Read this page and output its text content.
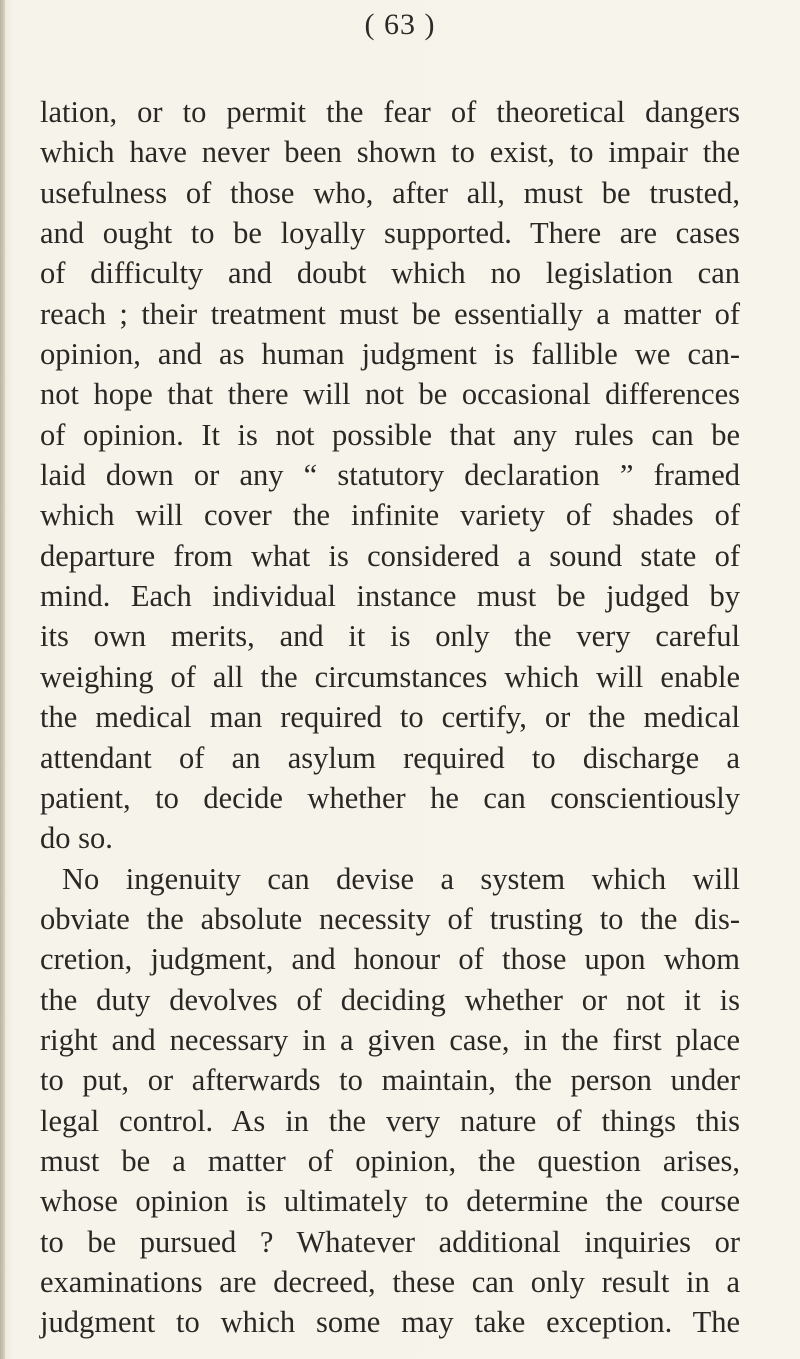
( 63 )
lation, or to permit the fear of theoretical dangers
which have never been shown to exist, to impair the
usefulness of those who, after all, must be trusted,
and ought to be loyally supported. There are cases
of difficulty and doubt which no legislation can
reach ; their treatment must be essentially a matter of
opinion, and as human judgment is fallible we can-
not hope that there will not be occasional differences
of opinion. It is not possible that any rules can be
laid down or any “ statutory declaration ” framed
which will cover the infinite variety of shades of
departure from what is considered a sound state of
mind. Each individual instance must be judged by
its own merits, and it is only the very careful
weighing of all the circumstances which will enable
the medical man required to certify, or the medical
attendant of an asylum required to discharge a
patient, to decide whether he can conscientiously
do so.
No ingenuity can devise a system which will
obviate the absolute necessity of trusting to the dis-
cretion, judgment, and honour of those upon whom
the duty devolves of deciding whether or not it is
right and necessary in a given case, in the first place
to put, or afterwards to maintain, the person under
legal control. As in the very nature of things this
must be a matter of opinion, the question arises,
whose opinion is ultimately to determine the course
to be pursued ? Whatever additional inquiries or
examinations are decreed, these can only result in a
judgment to which some may take exception. The
